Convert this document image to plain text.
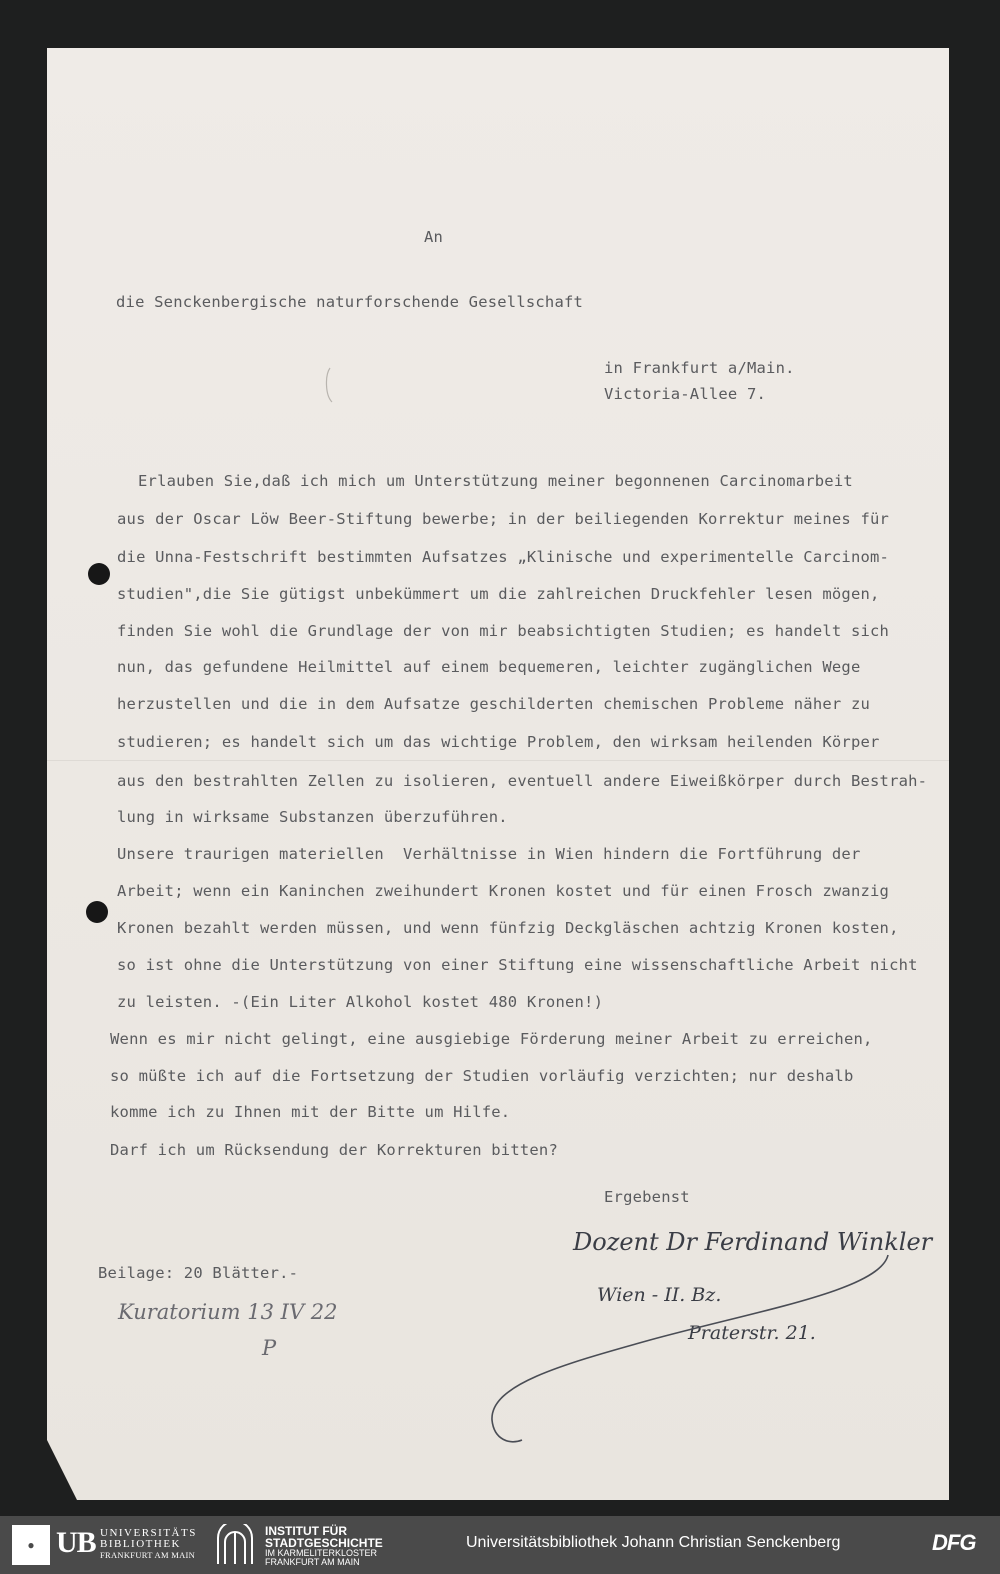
An
die Senckenbergische naturforschende Gesellschaft
in Frankfurt a/Main.
Victoria-Allee 7.
Erlauben Sie,daß ich mich um Unterstützung meiner begonnenen Carcinomarbeit
aus der Oscar Löw Beer-Stiftung bewerbe; in der beiliegenden Korrektur meines für
die Unna-Festschrift bestimmten Aufsatzes „Klinische und experimentelle Carcinom-
studien",die Sie gütigst unbekümmert um die zahlreichen Druckfehler lesen mögen,
finden Sie wohl die Grundlage der von mir beabsichtigten Studien; es handelt sich
nun, das gefundene Heilmittel auf einem bequemeren, leichter zugänglichen Wege
herzustellen und die in dem Aufsatze geschilderten chemischen Probleme näher zu
studieren; es handelt sich um das wichtige Problem, den wirksam heilenden Körper
aus den bestrahlten Zellen zu isolieren, eventuell andere Eiweißkörper durch Bestrah-
lung in wirksame Substanzen überzuführen.
Unsere traurigen materiellen  Verhältnisse in Wien hindern die Fortführung der
Arbeit; wenn ein Kaninchen zweihundert Kronen kostet und für einen Frosch zwanzig
Kronen bezahlt werden müssen, und wenn fünfzig Deckgläschen achtzig Kronen kosten,
so ist ohne die Unterstützung von einer Stiftung eine wissenschaftliche Arbeit nicht
zu leisten. -(Ein Liter Alkohol kostet 480 Kronen!)
Wenn es mir nicht gelingt, eine ausgiebige Förderung meiner Arbeit zu erreichen,
so müßte ich auf die Fortsetzung der Studien vorläufig verzichten; nur deshalb
komme ich zu Ihnen mit der Bitte um Hilfe.
Darf ich um Rücksendung der Korrekturen bitten?
Ergebenst
Beilage: 20 Blätter.-
Dozent Dr Ferdinand Winkler
Wien - II. Bz.
Praterstr. 21.
Kuratorium 13 IV 22
P
● UB UNIVERSITÄTS
BIBLIOTHEK
FRANKFURT AM MAIN
INSTITUT FÜR
STADTGESCHICHTE
IM KARMELITERKLOSTER
FRANKFURT AM MAIN
Universitätsbibliothek Johann Christian Senckenberg	DFG
